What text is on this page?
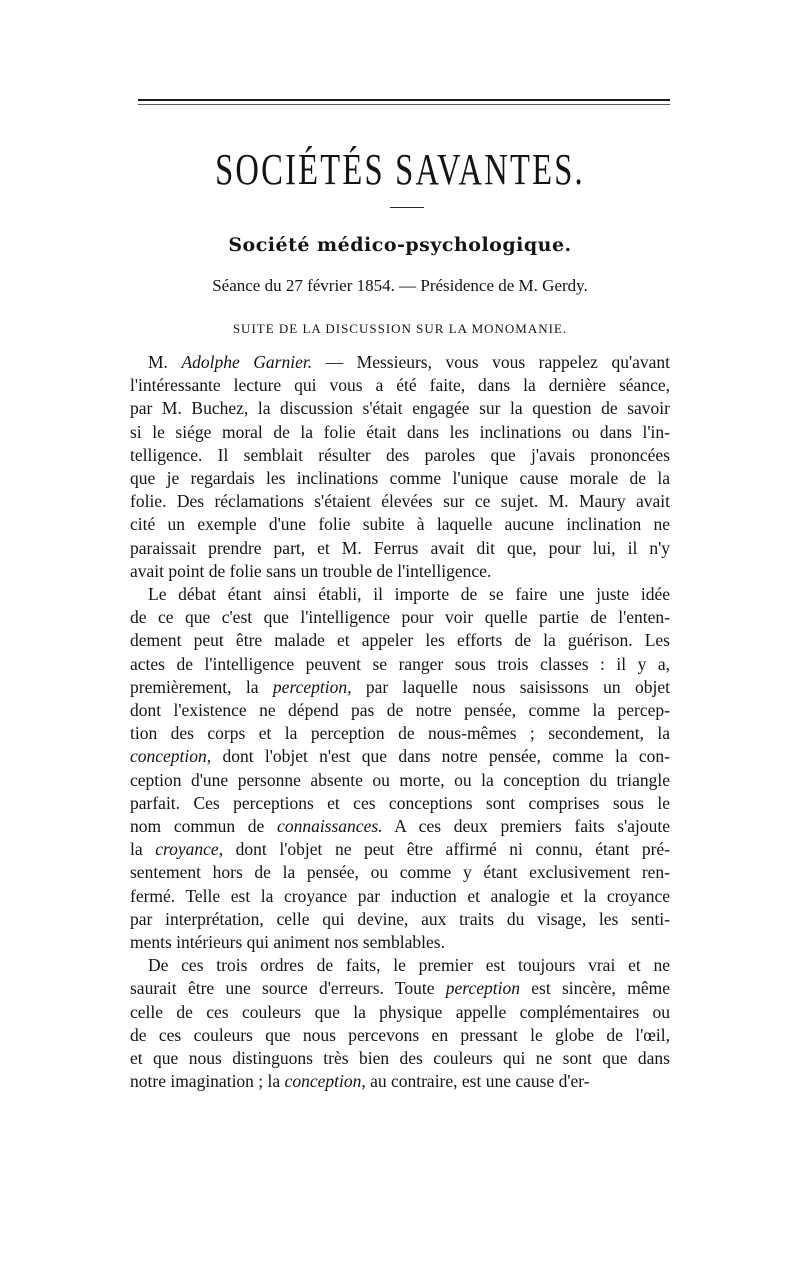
SOCIÉTÉS SAVANTES.
Société médico-psychologique.
Séance du 27 février 1854. — Présidence de M. Gerdy.
SUITE DE LA DISCUSSION SUR LA MONOMANIE.
M. Adolphe Garnier. — Messieurs, vous vous rappelez qu'avant
l'intéressante lecture qui vous a été faite, dans la dernière séance,
par M. Buchez, la discussion s'était engagée sur la question de savoir
si le siége moral de la folie était dans les inclinations ou dans l'in-
telligence. Il semblait résulter des paroles que j'avais prononcées
que je regardais les inclinations comme l'unique cause morale de la
folie. Des réclamations s'étaient élevées sur ce sujet. M. Maury avait
cité un exemple d'une folie subite à laquelle aucune inclination ne
paraissait prendre part, et M. Ferrus avait dit que, pour lui, il n'y
avait point de folie sans un trouble de l'intelligence.
Le débat étant ainsi établi, il importe de se faire une juste idée
de ce que c'est que l'intelligence pour voir quelle partie de l'enten-
dement peut être malade et appeler les efforts de la guérison. Les
actes de l'intelligence peuvent se ranger sous trois classes : il y a,
premièrement, la perception, par laquelle nous saisissons un objet
dont l'existence ne dépend pas de notre pensée, comme la percep-
tion des corps et la perception de nous-mêmes ; secondement, la
conception, dont l'objet n'est que dans notre pensée, comme la con-
ception d'une personne absente ou morte, ou la conception du triangle
parfait. Ces perceptions et ces conceptions sont comprises sous le
nom commun de connaissances. A ces deux premiers faits s'ajoute
la croyance, dont l'objet ne peut être affirmé ni connu, étant pré-
sentement hors de la pensée, ou comme y étant exclusivement ren-
fermé. Telle est la croyance par induction et analogie et la croyance
par interprétation, celle qui devine, aux traits du visage, les senti-
ments intérieurs qui animent nos semblables.
De ces trois ordres de faits, le premier est toujours vrai et ne
saurait être une source d'erreurs. Toute perception est sincère, même
celle de ces couleurs que la physique appelle complémentaires ou
de ces couleurs que nous percevons en pressant le globe de l'œil,
et que nous distinguons très bien des couleurs qui ne sont que dans
notre imagination ; la conception, au contraire, est une cause d'er-
